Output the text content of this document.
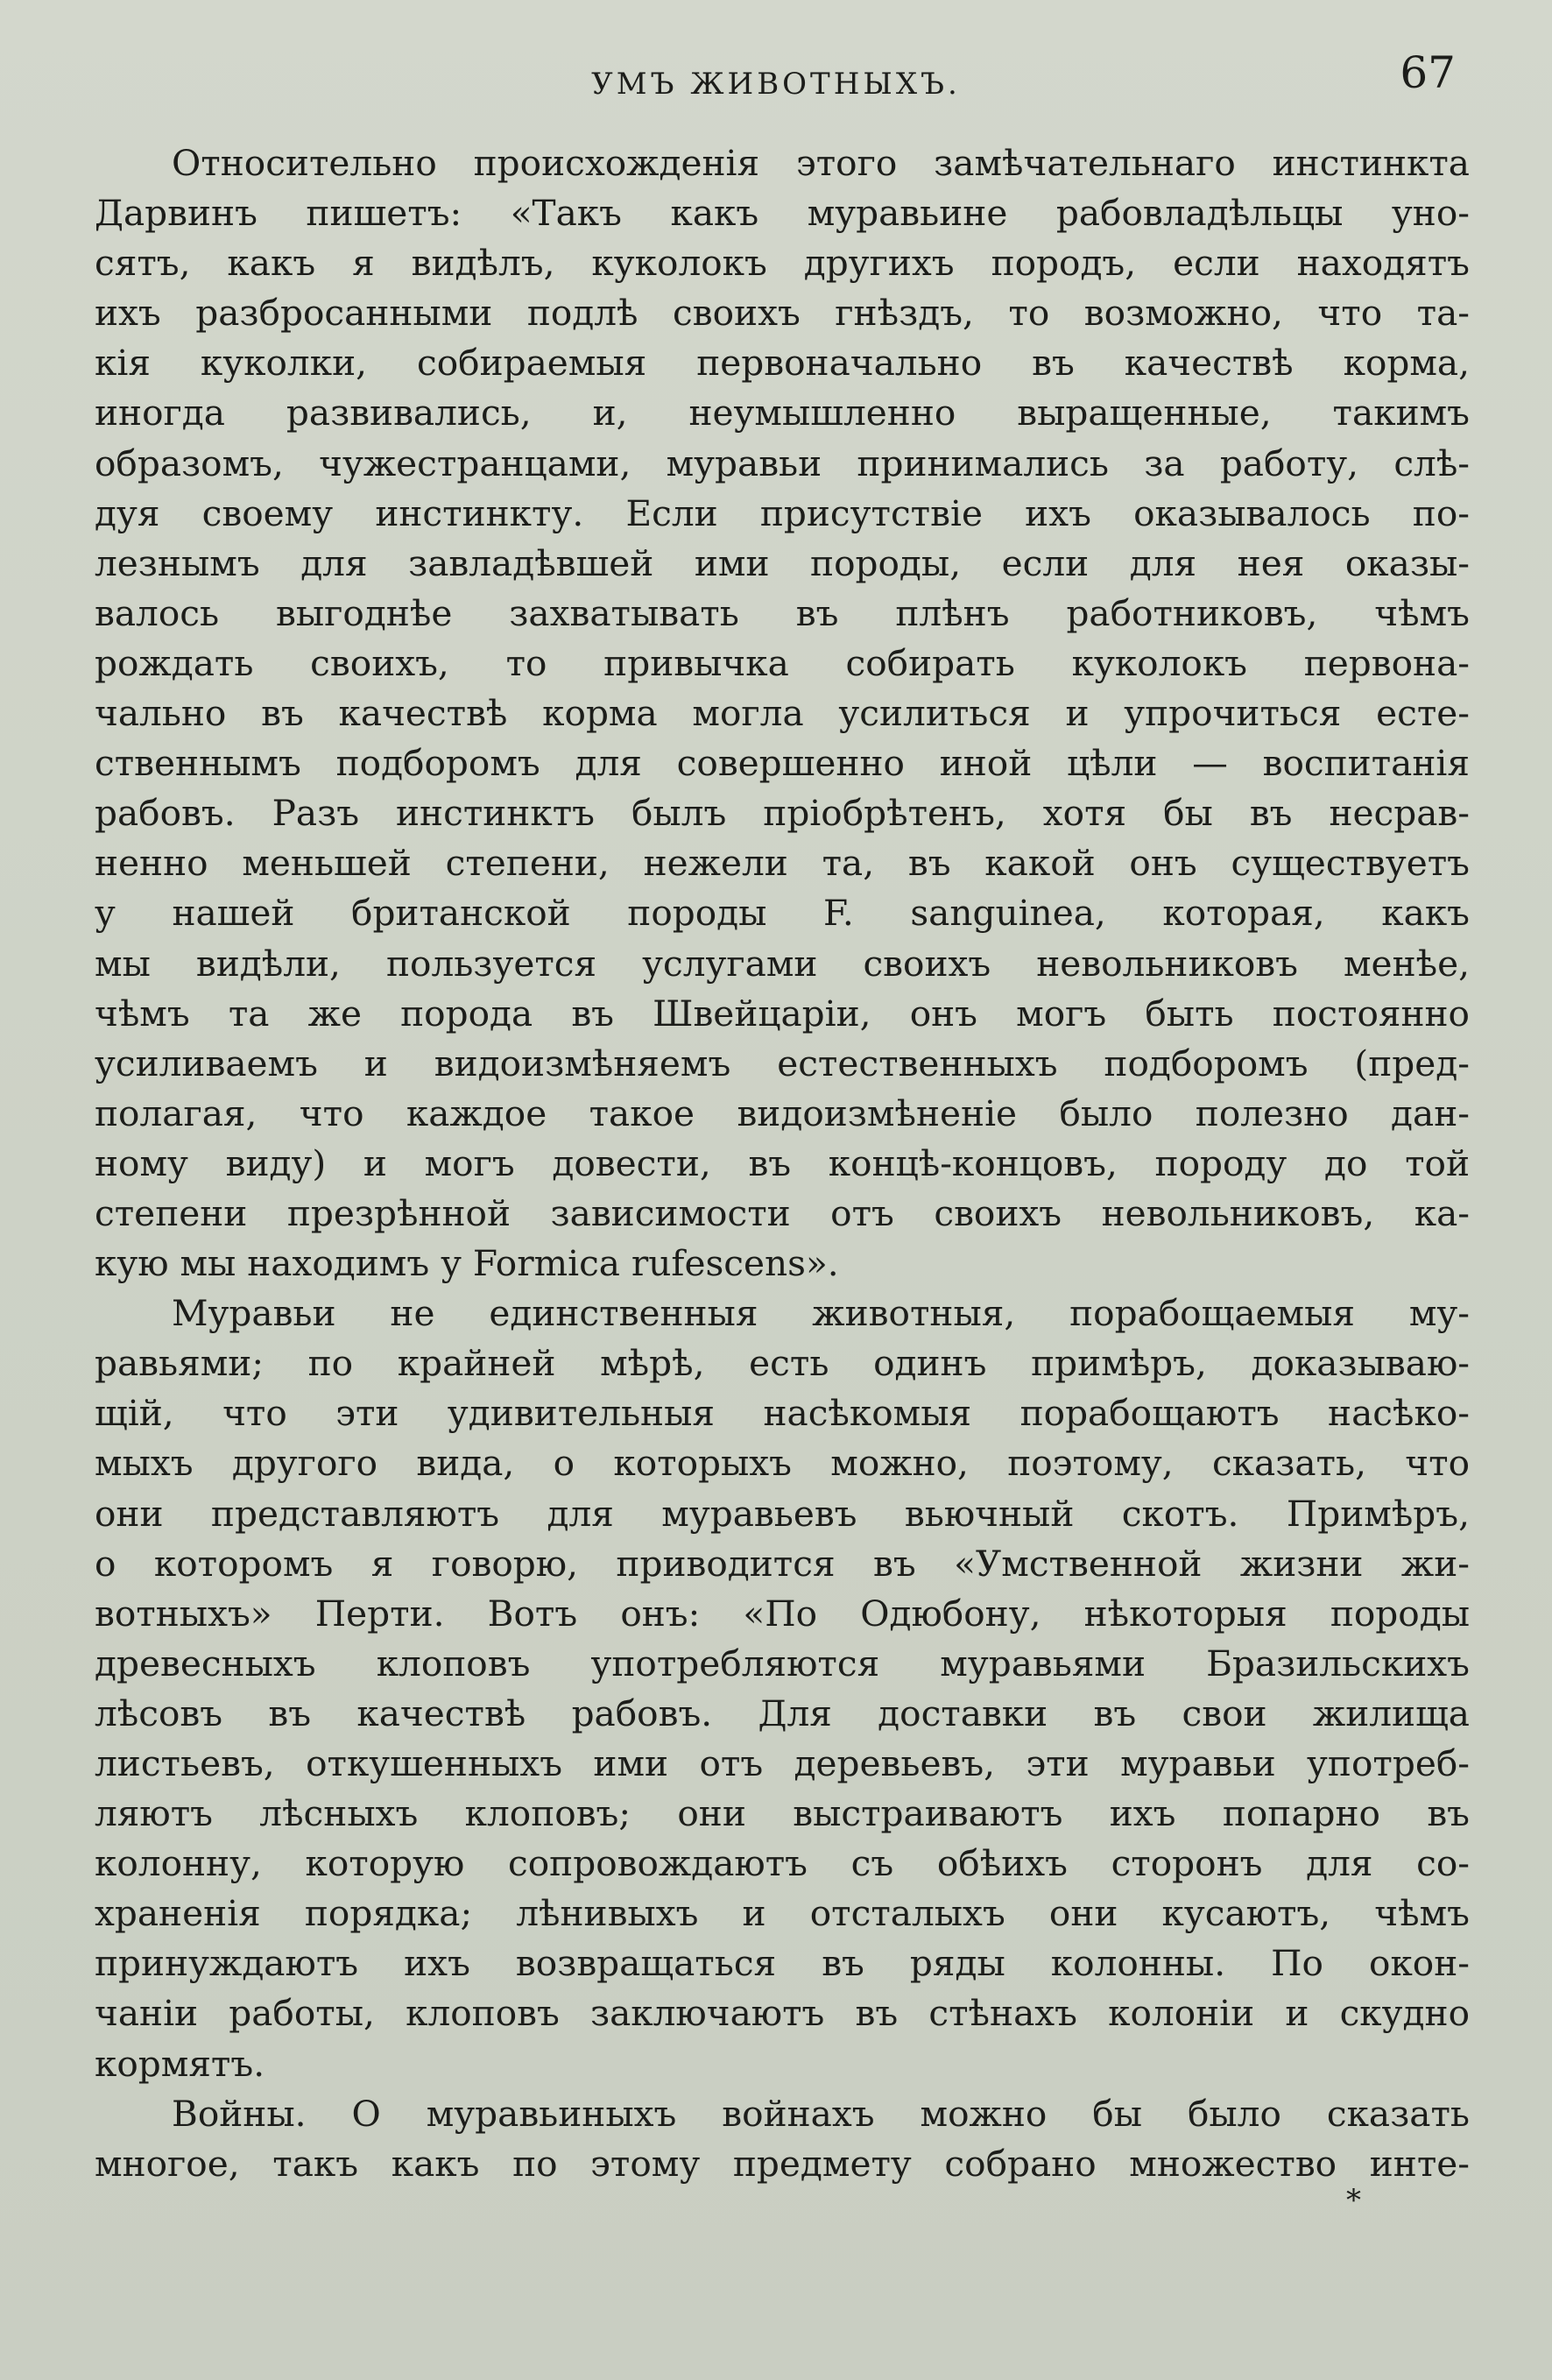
УМЪ ЖИВОТНЫХЪ.	67

Относительно происхожденія этого замѣчательнаго инстинкта
Дарвинъ пишетъ: «Такъ какъ муравьине рабовладѣльцы уно-
сятъ, какъ я видѣлъ, куколокъ другихъ породъ, если находятъ
ихъ разбросанными подлѣ своихъ гнѣздъ, то возможно, что та-
кія куколки, собираемыя первоначально въ качествѣ корма,
иногда развивались, и, неумышленно выращенные, такимъ
образомъ, чужестранцами, муравьи принимались за работу, слѣ-
дуя своему инстинкту. Если присутствіе ихъ оказывалось по-
лезнымъ для завладѣвшей ими породы, если для нея оказы-
валось выгоднѣе захватывать въ плѣнъ работниковъ, чѣмъ
рождать своихъ, то привычка собирать куколокъ первона-
чально въ качествѣ корма могла усилиться и упрочиться есте-
ственнымъ подборомъ для совершенно иной цѣли — воспитанія
рабовъ. Разъ инстинктъ былъ пріобрѣтенъ, хотя бы въ несрав-
ненно меньшей степени, нежели та, въ какой онъ существуетъ
у нашей британской породы F. sanguinea, которая, какъ
мы видѣли, пользуется услугами своихъ невольниковъ менѣе,
чѣмъ та же порода въ Швейцаріи, онъ могъ быть постоянно
усиливаемъ и видоизмѣняемъ естественныхъ подборомъ (пред-
полагая, что каждое такое видоизмѣненіе было полезно дан-
ному виду) и могъ довести, въ концѣ-концовъ, породу до той
степени презрѣнной зависимости отъ своихъ невольниковъ, ка-
кую мы находимъ у Formica rufescens».

Муравьи не единственныя животныя, порабощаемыя му-
равьями; по крайней мѣрѣ, есть одинъ примѣръ, доказываю-
щій, что эти удивительныя насѣкомыя порабощаютъ насѣко-
мыхъ другого вида, о которыхъ можно, поэтому, сказать, что
они представляютъ для муравьевъ вьючный скотъ. Примѣръ,
о которомъ я говорю, приводится въ «Умственной жизни жи-
вотныхъ» Перти. Вотъ онъ: «По Одюбону, нѣкоторыя породы
древесныхъ клоповъ употребляются муравьями Бразильскихъ
лѣсовъ въ качествѣ рабовъ. Для доставки въ свои жилища
листьевъ, откушенныхъ ими отъ деревьевъ, эти муравьи употреб-
ляютъ лѣсныхъ клоповъ; они выстраиваютъ ихъ попарно въ
колонну, которую сопровождаютъ съ обѣихъ сторонъ для со-
храненія порядка; лѣнивыхъ и отсталыхъ они кусаютъ, чѣмъ
принуждаютъ ихъ возвращаться въ ряды колонны. По окон-
чаніи работы, клоповъ заключаютъ въ стѣнахъ колоніи и скудно
кормятъ.

Войны. О муравьиныхъ войнахъ можно бы было сказать
многое, такъ какъ по этому предмету собрано множество инте-

*
